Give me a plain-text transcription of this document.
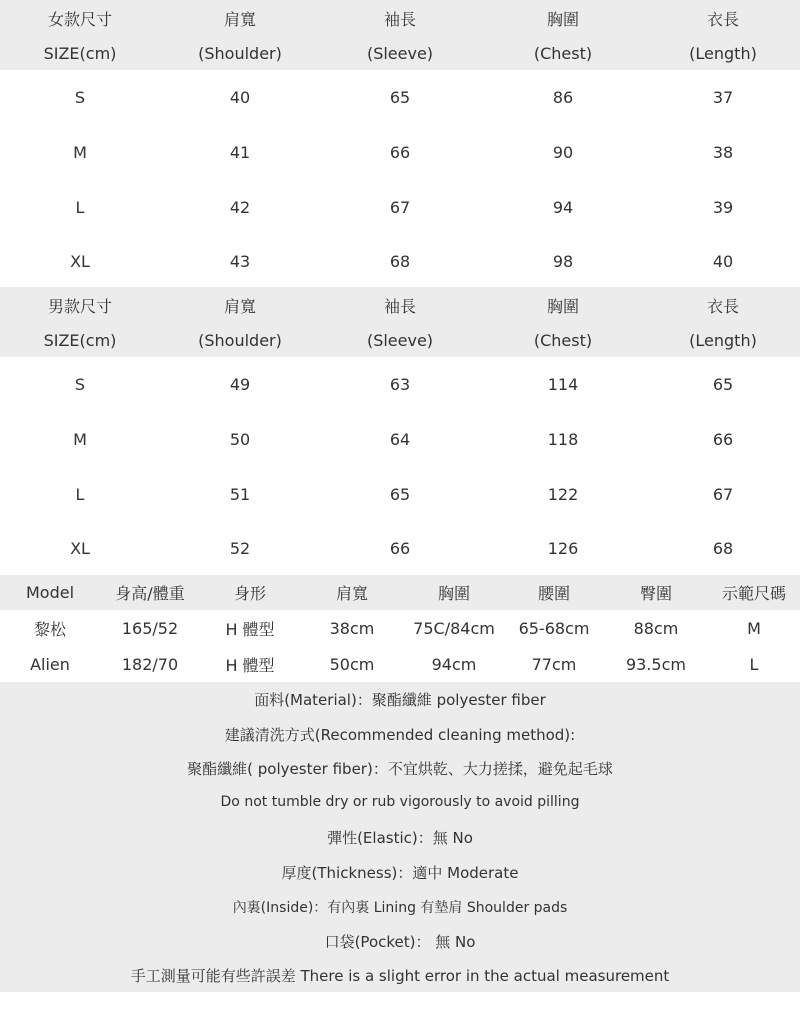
女款尺寸	肩寬	袖長	胸圍	衣長
SIZE(cm)	(Shoulder)	(Sleeve)	(Chest)	(Length)
S	40	65	86	37
M	41	66	90	38
L	42	67	94	39
XL	43	68	98	40
男款尺寸	肩寬	袖長	胸圍	衣長
SIZE(cm)	(Shoulder)	(Sleeve)	(Chest)	(Length)
S	49	63	114	65
M	50	64	118	66
L	51	65	122	67
XL	52	66	126	68
Model	身高/體重	身形	肩寬	胸圍	腰圍	臀圍	示範尺碼
黎松	165/52	H 體型	38cm	75C/84cm	65-68cm	88cm	M
Alien	182/70	H 體型	50cm	94cm	77cm	93.5cm	L
面料(Material)：聚酯纖維 polyester fiber
建議清洗方式(Recommended cleaning method):
聚酯纖維( polyester fiber)：不宜烘乾、大力搓揉，避免起毛球
Do not tumble dry or rub vigorously to avoid pilling
彈性(Elastic)：無 No
厚度(Thickness)：適中 Moderate
內裏(Inside)：有內裏 Lining 有墊肩 Shoulder pads
口袋(Pocket)： 無 No
手工測量可能有些許誤差 There is a slight error in the actual measurement
